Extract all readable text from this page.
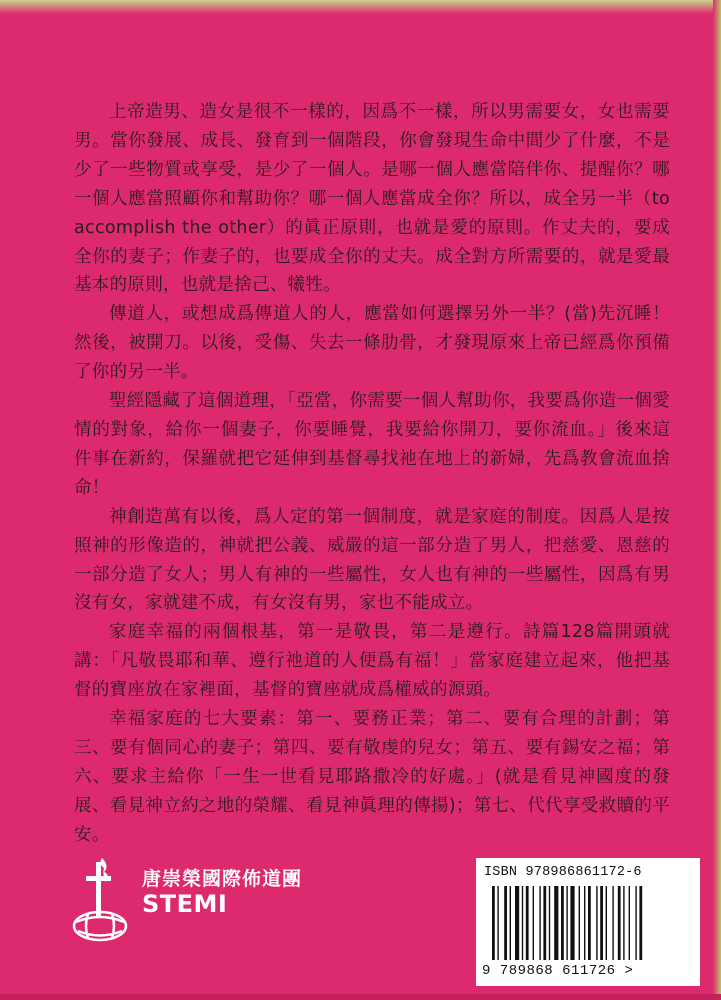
上帝造男、造女是很不一樣的，因爲不一樣，所以男需要女，女也需要男。當你發展、成長、發育到一個階段，你會發現生命中間少了什麼，不是少了一些物質或享受，是少了一個人。是哪一個人應當陪伴你、提醒你？哪一個人應當照顧你和幫助你？哪一個人應當成全你？所以，成全另一半（to accomplish the other）的眞正原則，也就是愛的原則。作丈夫的，要成全你的妻子；作妻子的，也要成全你的丈夫。成全對方所需要的，就是愛最基本的原則，也就是捨己、犧牲。

傳道人，或想成爲傳道人的人，應當如何選擇另外一半？(當)先沉睡！然後，被開刀。以後，受傷、失去一條肋骨，才發現原來上帝已經爲你預備了你的另一半。

聖經隱藏了這個道理，「亞當，你需要一個人幫助你，我要爲你造一個愛情的對象，給你一個妻子，你要睡覺，我要給你開刀，要你流血。」後來這件事在新約，保羅就把它延伸到基督尋找祂在地上的新婦，先爲教會流血捨命！

神創造萬有以後，爲人定的第一個制度，就是家庭的制度。因爲人是按照神的形像造的，神就把公義、威嚴的這一部分造了男人，把慈愛、恩慈的一部分造了女人；男人有神的一些屬性，女人也有神的一些屬性，因爲有男沒有女，家就建不成，有女沒有男，家也不能成立。

家庭幸福的兩個根基，第一是敬畏，第二是遵行。詩篇128篇開頭就講：「凡敬畏耶和華、遵行祂道的人便爲有福！」當家庭建立起來，他把基督的寶座放在家裡面，基督的寶座就成爲權威的源頭。

幸福家庭的七大要素：第一、要務正業；第二、要有合理的計劃；第三、要有個同心的妻子；第四、要有敬虔的兒女；第五、要有錫安之福；第六、要求主給你「一生一世看見耶路撒冷的好處。」(就是看見神國度的發展、看見神立約之地的榮耀、看見神眞理的傳揚)；第七、代代享受救贖的平安。

唐崇榮國際佈道團
STEMI
ISBN 978986861172-6
9 789868 611726 >
